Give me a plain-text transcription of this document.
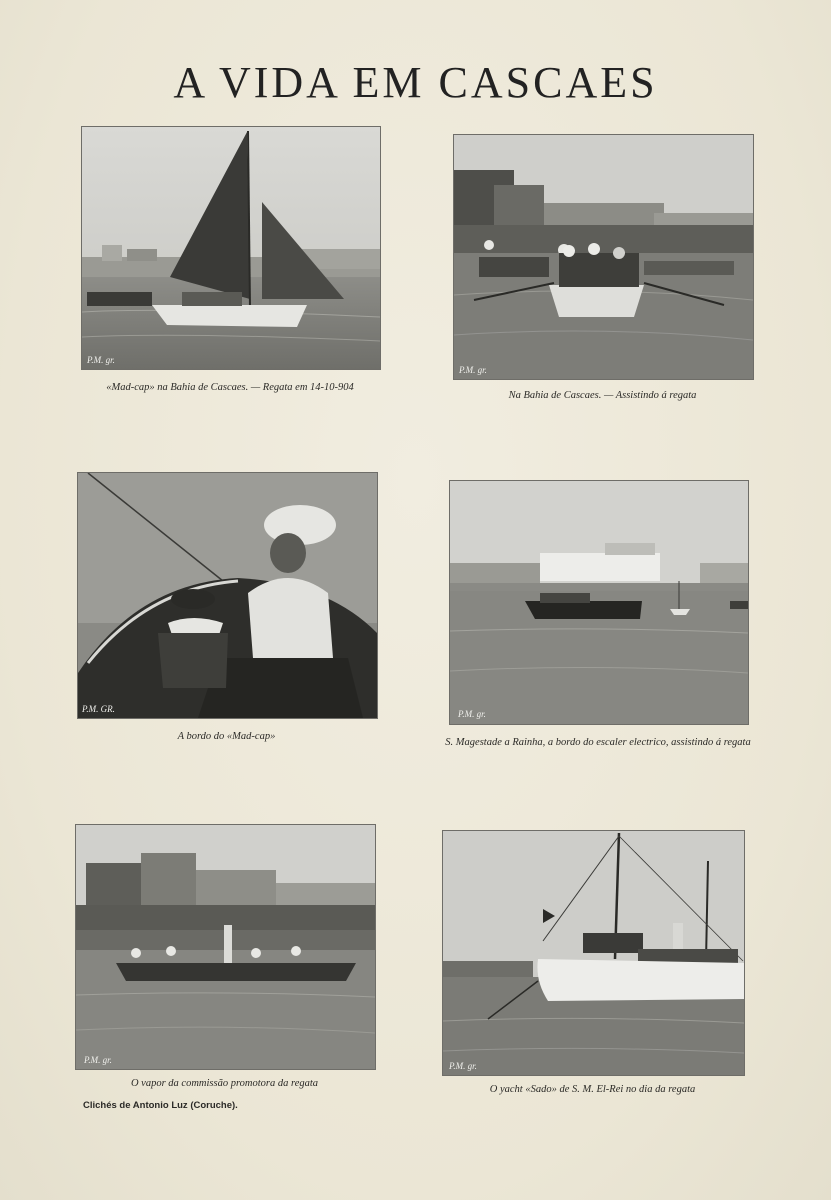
A VIDA EM CASCAES
P.M. gr.
«Mad-cap» na Bahia de Cascaes. — Regata em 14-10-904
P.M. gr.
Na Bahia de Cascaes. — Assistindo á regata
P.M. GR.
A bordo do «Mad-cap»
P.M. gr.
S. Magestade a Rainha, a bordo do escaler electrico, assistindo á regata
P.M. gr.
O vapor da commissão promotora da regata
P.M. gr.
O yacht «Sado» de S. M. El-Rei no dia da regata
Clichés de Antonio Luz (Coruche).
